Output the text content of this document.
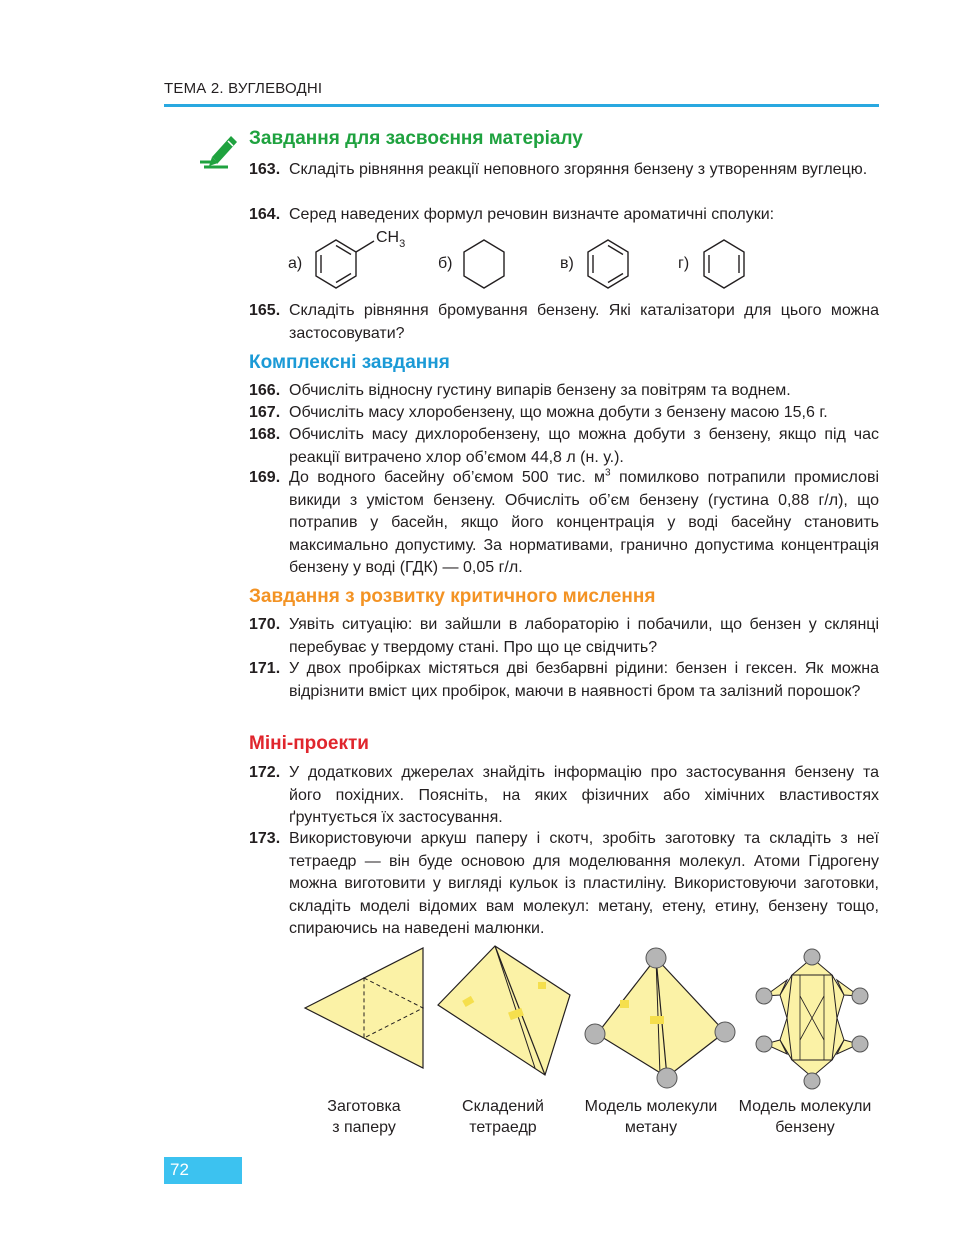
ТЕМА 2. ВУГЛЕВОДНІ
Завдання для засвоєння матеріалу
163. Складіть рівняння реакції неповного згоряння бензену з утворенням вуглецю.
164. Серед наведених формул речовин визначте ароматичні сполуки:
а)
$CH_3$
б)	в)	г)
165. Складіть рівняння бромування бензену. Які каталізатори для цього можна застосовувати?
Комплексні завдання
166. Обчисліть відносну густину випарів бензену за повітрям та воднем.
167. Обчисліть масу хлоробензену, що можна добути з бензену масою 15,6 г.
168. Обчисліть масу дихлоробензену, що можна добути з бензену, якщо під час реакції витрачено хлор об’ємом 44,8 л (н. у.).
169. До водного басейну об’ємом 500 тис. $м^3$ помилково потрапили промислові викиди з умістом бензену. Обчисліть об’єм бензену (густина 0,88 г/л), що потрапив у басейн, якщо його концентрація у воді басейну становить максимально допустиму. За нормативами, гранично допустима концентрація бензену у воді (ГДК) — 0,05 г/л.
Завдання з розвитку критичного мислення
170. Уявіть ситуацію: ви зайшли в лабораторію і побачили, що бензен у склянці перебуває у твердому стані. Про що це свідчить?
171. У двох пробірках містяться дві безбарвні рідини: бензен і гексен. Як можна відрізнити вміст цих пробірок, маючи в наявності бром та залізний порошок?
Міні-проекти
172. У додаткових джерелах знайдіть інформацію про застосування бензену та його похідних. Поясніть, на яких фізичних або хімічних властивостях ґрунтується їх застосування.
173. Використовуючи аркуш паперу і скотч, зробіть заготовку та складіть з неї тетраедр — він буде основою для моделювання молекул. Атоми Гідрогену можна виготовити у вигляді кульок із пластиліну. Використовуючи заготовки, складіть моделі відомих вам молекул: метану, етену, етину, бензену тощо, спираючись на наведені малюнки.
Заготовка
з паперу
Складений
тетраедр
Модель молекули
метану
Модель молекули
бензену
72
